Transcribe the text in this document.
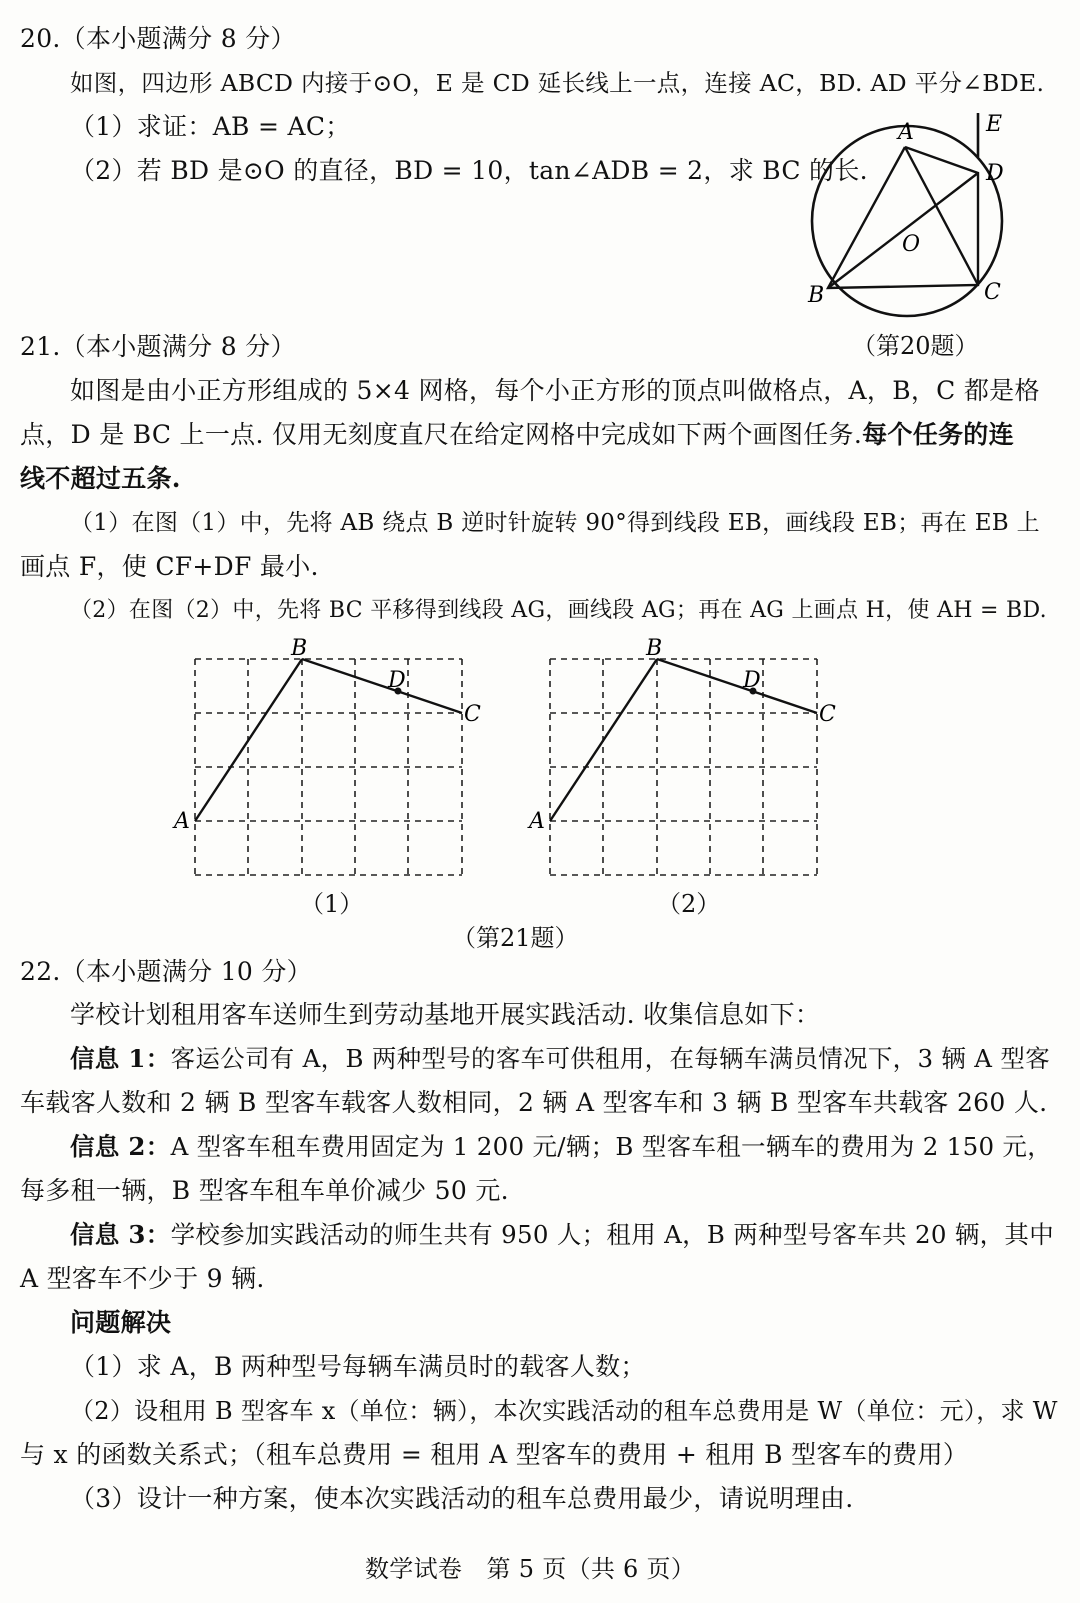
20.（本小题满分 8 分）
如图，四边形 ABCD 内接于⊙O，E 是 CD 延长线上一点，连接 AC，BD. AD 平分∠BDE.
（1）求证：AB = AC；
（2）若 BD 是⊙O 的直径，BD = 10，tan∠ADB = 2，求 BC 的长.
A	E
D
O
B	C
（第20题）
21.（本小题满分 8 分）
如图是由小正方形组成的 5×4 网格，每个小正方形的顶点叫做格点，A，B，C 都是格
点，D 是 BC 上一点. 仅用无刻度直尺在给定网格中完成如下两个画图任务.每个任务的连
线不超过五条.
（1）在图（1）中，先将 AB 绕点 B 逆时针旋转 90°得到线段 EB，画线段 EB；再在 EB 上
画点 F，使 CF+DF 最小.
（2）在图（2）中，先将 BC 平移得到线段 AG，画线段 AG；再在 AG 上画点 H，使 AH = BD.
B
D
C
A
B
D
C
A
（1）	（2）
（第21题）
22.（本小题满分 10 分）
学校计划租用客车送师生到劳动基地开展实践活动. 收集信息如下：
信息 1：客运公司有 A，B 两种型号的客车可供租用，在每辆车满员情况下，3 辆 A 型客
车载客人数和 2 辆 B 型客车载客人数相同，2 辆 A 型客车和 3 辆 B 型客车共载客 260 人.
信息 2：A 型客车租车费用固定为 1 200 元/辆；B 型客车租一辆车的费用为 2 150 元，
每多租一辆，B 型客车租车单价减少 50 元.
信息 3：学校参加实践活动的师生共有 950 人；租用 A，B 两种型号客车共 20 辆，其中
A 型客车不少于 9 辆.
问题解决
（1）求 A，B 两种型号每辆车满员时的载客人数；
（2）设租用 B 型客车 x（单位：辆），本次实践活动的租车总费用是 W（单位：元），求 W
与 x 的函数关系式；（租车总费用 = 租用 A 型客车的费用 + 租用 B 型客车的费用）
（3）设计一种方案，使本次实践活动的租车总费用最少，请说明理由.
数学试卷　第 5 页（共 6 页）
